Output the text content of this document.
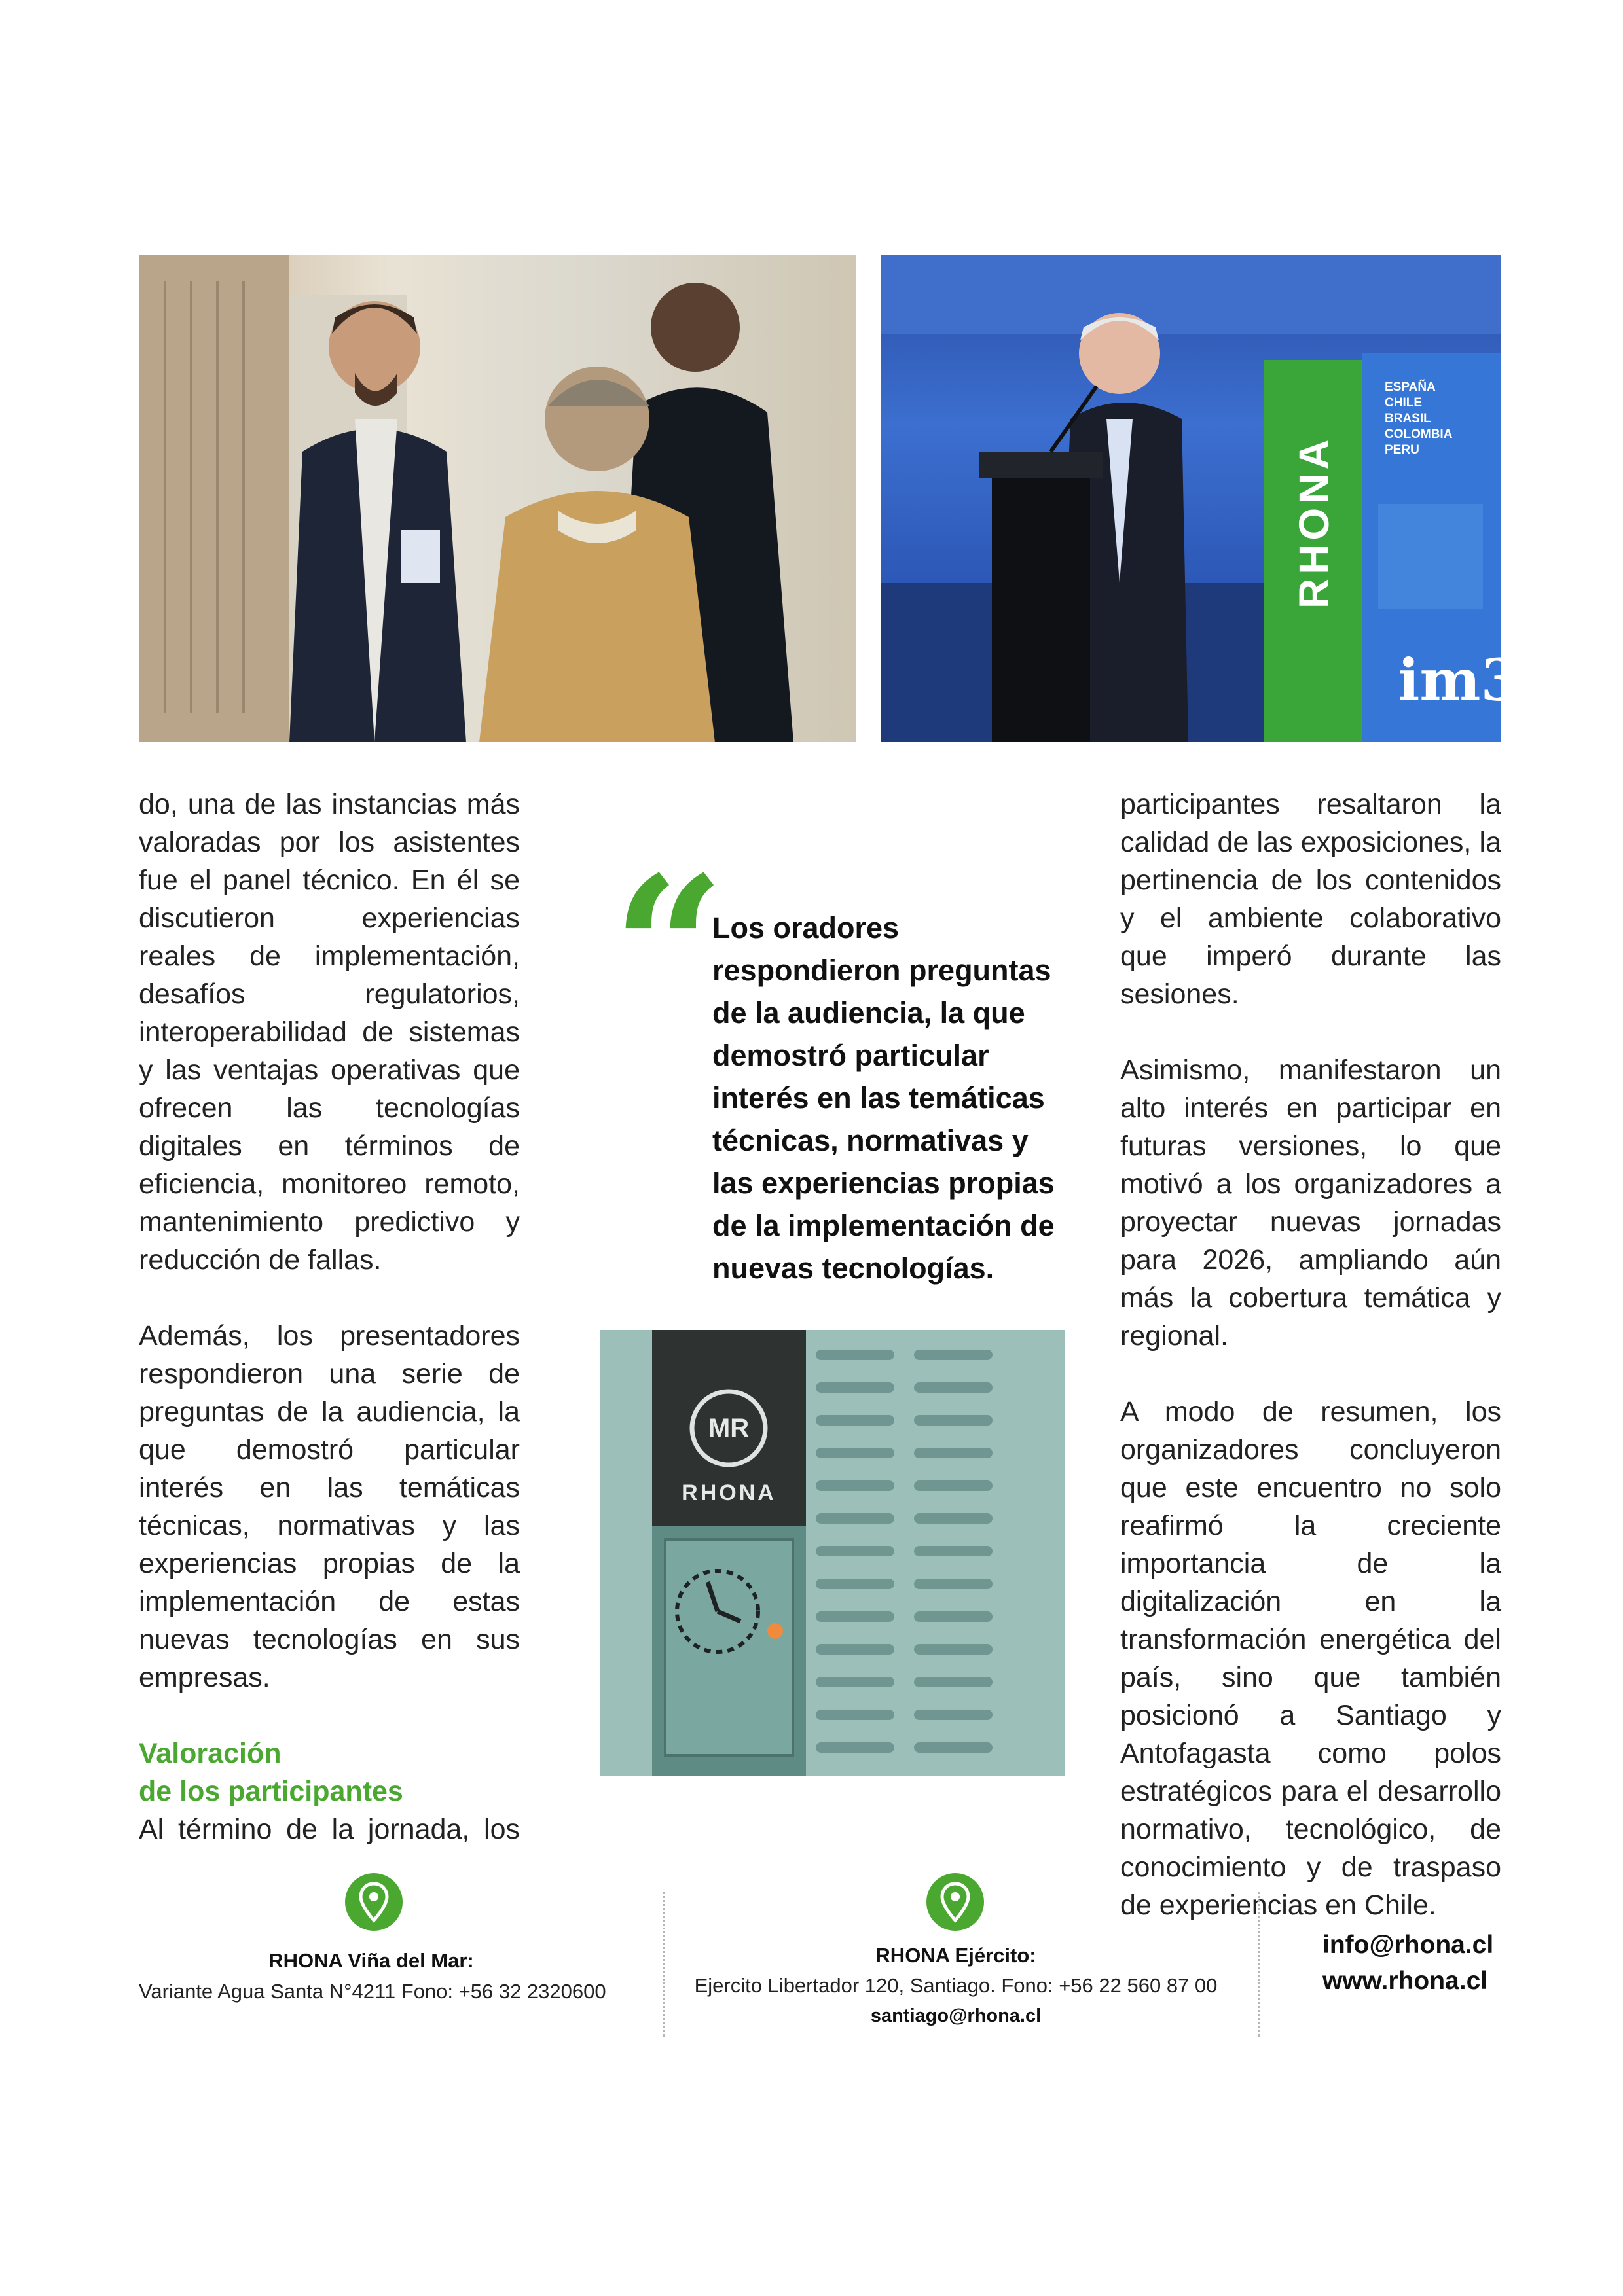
ESPAÑA
CHILE
BRASIL
COLOMBIA
PERU
im3

do, una de las instancias más valoradas por los asistentes fue el panel técnico. En él se discutieron experiencias reales de implementación, desafíos regulatorios, interoperabilidad de sistemas y las ventajas operativas que ofrecen las tecnologías digitales en términos de eficiencia, monitoreo remoto, mantenimiento predictivo y reducción de fallas.

Además, los presentadores respondieron una serie de preguntas de la audiencia, la que demostró particular interés en las temáticas técnicas, normativas y las experiencias propias de la implementación de estas nuevas tecnologías en sus empresas.

Valoración
de los participantes

Al término de la jornada, los

“
Los oradores respondieron preguntas de la audiencia, la que demostró particular interés en las temáticas técnicas, normativas y las experiencias propias de la implementación de nuevas tecnologías.
MR
RHONA

participantes resaltaron la calidad de las exposiciones, la pertinencia de los contenidos y el ambiente colaborativo que imperó durante las sesiones.

Asimismo, manifestaron un alto interés en participar en futuras versiones, lo que motivó a los organizadores a proyectar nuevas jornadas para 2026, ampliando aún más la cobertura temática y regional.

A modo de resumen, los organizadores concluyeron que este encuentro no solo reafirmó la creciente importancia de la digitalización en la transformación energética del país, sino que también posicionó a Santiago y Antofagasta como polos estratégicos para el desarrollo normativo, tecnológico, de conocimiento y de traspaso de experiencias en Chile.

RHONA Viña del Mar:
Variante Agua Santa N°4211 Fono: +56 32 2320600
RHONA Ejército:
Ejercito Libertador 120, Santiago. Fono: +56 22 560 87 00
santiago@rhona.cl
info@rhona.cl
www.rhona.cl
